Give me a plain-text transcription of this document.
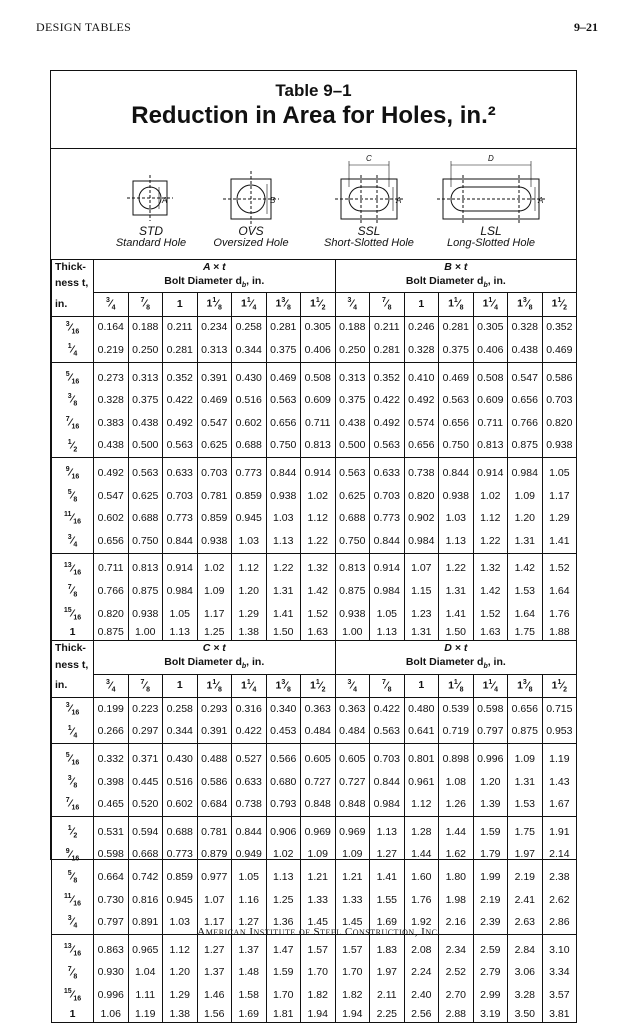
DESIGN TABLES	9–21
Table 9–1
Reduction in Area for Holes, in.²
A	B	A
C
A
D
STD
Standard Hole
OVS
Oversized Hole
SSL
Short-Slotted Hole
LSL
Long-Slotted Hole
Thick-	A × t							B × t						
ness t,	Bolt Diameter $d_b$, in.							Bolt Diameter $d_b$, in.						
in.	$^3⁄_4$	$^7⁄_8$	1	$1^1⁄_8$	$1^1⁄_4$	$1^3⁄_8$	$1^1⁄_2$	$^3⁄_4$	$^7⁄_8$	1	$1^1⁄_8$	$1^1⁄_4$	$1^3⁄_8$	$1^1⁄_2$
$^3⁄_{16}$	0.164	0.188	0.211	0.234	0.258	0.281	0.305	0.188	0.211	0.246	0.281	0.305	0.328	0.352
$^1⁄_4$	0.219	0.250	0.281	0.313	0.344	0.375	0.406	0.250	0.281	0.328	0.375	0.406	0.438	0.469
$^5⁄_{16}$	0.273	0.313	0.352	0.391	0.430	0.469	0.508	0.313	0.352	0.410	0.469	0.508	0.547	0.586
$^3⁄_8$	0.328	0.375	0.422	0.469	0.516	0.563	0.609	0.375	0.422	0.492	0.563	0.609	0.656	0.703
$^7⁄_{16}$	0.383	0.438	0.492	0.547	0.602	0.656	0.711	0.438	0.492	0.574	0.656	0.711	0.766	0.820
$^1⁄_2$	0.438	0.500	0.563	0.625	0.688	0.750	0.813	0.500	0.563	0.656	0.750	0.813	0.875	0.938
$^9⁄_{16}$	0.492	0.563	0.633	0.703	0.773	0.844	0.914	0.563	0.633	0.738	0.844	0.914	0.984	1.05
$^5⁄_8$	0.547	0.625	0.703	0.781	0.859	0.938	1.02	0.625	0.703	0.820	0.938	1.02	1.09	1.17
$^{11}⁄_{16}$	0.602	0.688	0.773	0.859	0.945	1.03	1.12	0.688	0.773	0.902	1.03	1.12	1.20	1.29
$^3⁄_4$	0.656	0.750	0.844	0.938	1.03	1.13	1.22	0.750	0.844	0.984	1.13	1.22	1.31	1.41
$^{13}⁄_{16}$	0.711	0.813	0.914	1.02	1.12	1.22	1.32	0.813	0.914	1.07	1.22	1.32	1.42	1.52
$^7⁄_8$	0.766	0.875	0.984	1.09	1.20	1.31	1.42	0.875	0.984	1.15	1.31	1.42	1.53	1.64
$^{15}⁄_{16}$	0.820	0.938	1.05	1.17	1.29	1.41	1.52	0.938	1.05	1.23	1.41	1.52	1.64	1.76
1	0.875	1.00	1.13	1.25	1.38	1.50	1.63	1.00	1.13	1.31	1.50	1.63	1.75	1.88
Thick-	C × t							D × t						
ness t,	Bolt Diameter $d_b$, in.							Bolt Diameter $d_b$, in.						
in.	$^3⁄_4$	$^7⁄_8$	1	$1^1⁄_8$	$1^1⁄_4$	$1^3⁄_8$	$1^1⁄_2$	$^3⁄_4$	$^7⁄_8$	1	$1^1⁄_8$	$1^1⁄_4$	$1^3⁄_8$	$1^1⁄_2$
$^3⁄_{16}$	0.199	0.223	0.258	0.293	0.316	0.340	0.363	0.363	0.422	0.480	0.539	0.598	0.656	0.715
$^1⁄_4$	0.266	0.297	0.344	0.391	0.422	0.453	0.484	0.484	0.563	0.641	0.719	0.797	0.875	0.953
$^5⁄_{16}$	0.332	0.371	0.430	0.488	0.527	0.566	0.605	0.605	0.703	0.801	0.898	0.996	1.09	1.19
$^3⁄_8$	0.398	0.445	0.516	0.586	0.633	0.680	0.727	0.727	0.844	0.961	1.08	1.20	1.31	1.43
$^7⁄_{16}$	0.465	0.520	0.602	0.684	0.738	0.793	0.848	0.848	0.984	1.12	1.26	1.39	1.53	1.67
$^1⁄_2$	0.531	0.594	0.688	0.781	0.844	0.906	0.969	0.969	1.13	1.28	1.44	1.59	1.75	1.91
$^9⁄_{16}$	0.598	0.668	0.773	0.879	0.949	1.02	1.09	1.09	1.27	1.44	1.62	1.79	1.97	2.14
$^5⁄_8$	0.664	0.742	0.859	0.977	1.05	1.13	1.21	1.21	1.41	1.60	1.80	1.99	2.19	2.38
$^{11}⁄_{16}$	0.730	0.816	0.945	1.07	1.16	1.25	1.33	1.33	1.55	1.76	1.98	2.19	2.41	2.62
$^3⁄_4$	0.797	0.891	1.03	1.17	1.27	1.36	1.45	1.45	1.69	1.92	2.16	2.39	2.63	2.86
$^{13}⁄_{16}$	0.863	0.965	1.12	1.27	1.37	1.47	1.57	1.57	1.83	2.08	2.34	2.59	2.84	3.10
$^7⁄_8$	0.930	1.04	1.20	1.37	1.48	1.59	1.70	1.70	1.97	2.24	2.52	2.79	3.06	3.34
$^{15}⁄_{16}$	0.996	1.11	1.29	1.46	1.58	1.70	1.82	1.82	2.11	2.40	2.70	2.99	3.28	3.57
1	1.06	1.19	1.38	1.56	1.69	1.81	1.94	1.94	2.25	2.56	2.88	3.19	3.50	3.81
American Institute of Steel Construction, Inc.
